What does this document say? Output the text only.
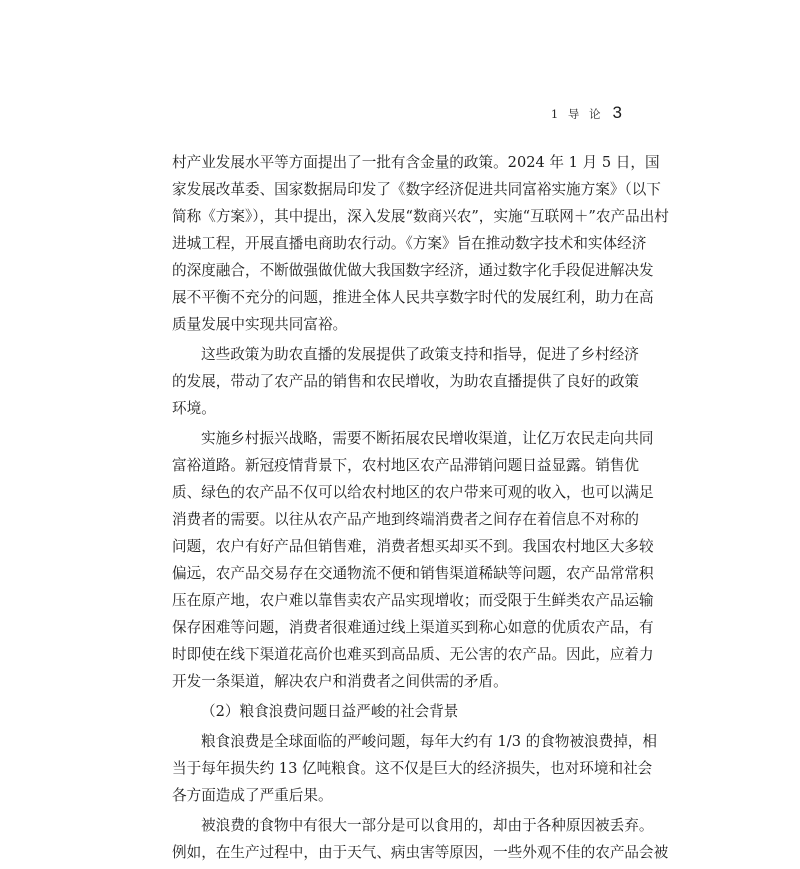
1 导 论 3
村产业发展水平等方面提出了一批有含金量的政策。2024 年 1 月 5 日，国
家发展改革委、国家数据局印发了《数字经济促进共同富裕实施方案》（以下
简称《方案》），其中提出，深入发展“数商兴农”，实施“互联网＋”农产品出村
进城工程，开展直播电商助农行动。《方案》旨在推动数字技术和实体经济
的深度融合，不断做强做优做大我国数字经济，通过数字化手段促进解决发
展不平衡不充分的问题，推进全体人民共享数字时代的发展红利，助力在高
质量发展中实现共同富裕。
这些政策为助农直播的发展提供了政策支持和指导，促进了乡村经济
的发展，带动了农产品的销售和农民增收，为助农直播提供了良好的政策
环境。
实施乡村振兴战略，需要不断拓展农民增收渠道，让亿万农民走向共同
富裕道路。新冠疫情背景下，农村地区农产品滞销问题日益显露。销售优
质、绿色的农产品不仅可以给农村地区的农户带来可观的收入，也可以满足
消费者的需要。以往从农产品产地到终端消费者之间存在着信息不对称的
问题，农户有好产品但销售难，消费者想买却买不到。我国农村地区大多较
偏远，农产品交易存在交通物流不便和销售渠道稀缺等问题，农产品常常积
压在原产地，农户难以靠售卖农产品实现增收；而受限于生鲜类农产品运输
保存困难等问题，消费者很难通过线上渠道买到称心如意的优质农产品，有
时即使在线下渠道花高价也难买到高品质、无公害的农产品。因此，应着力
开发一条渠道，解决农户和消费者之间供需的矛盾。
（2）粮食浪费问题日益严峻的社会背景
粮食浪费是全球面临的严峻问题，每年大约有 1/3 的食物被浪费掉，相
当于每年损失约 13 亿吨粮食。这不仅是巨大的经济损失，也对环境和社会
各方面造成了严重后果。
被浪费的食物中有很大一部分是可以食用的，却由于各种原因被丢弃。
例如，在生产过程中，由于天气、病虫害等原因，一些外观不佳的农产品会被
